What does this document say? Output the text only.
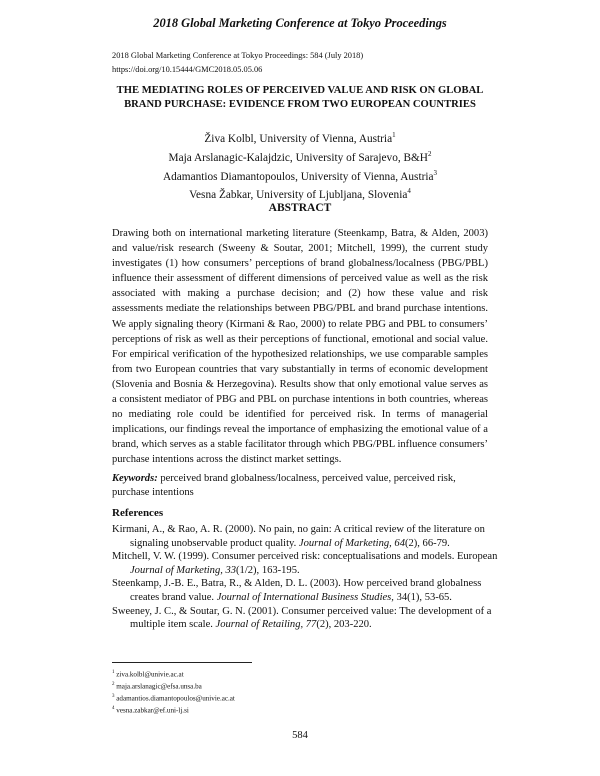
2018 Global Marketing Conference at Tokyo Proceedings
2018 Global Marketing Conference at Tokyo Proceedings: 584 (July 2018)
https://doi.org/10.15444/GMC2018.05.05.06
THE MEDIATING ROLES OF PERCEIVED VALUE AND RISK ON GLOBAL
BRAND PURCHASE: EVIDENCE FROM TWO EUROPEAN COUNTRIES
Živa Kolbl, University of Vienna, Austria$^1$
Maja Arslanagic-Kalajdzic, University of Sarajevo, $B\&H^2$
Adamantios Diamantopoulos, University of Vienna, Austria$^3$
Vesna Žabkar, University of Ljubljana, Slovenia$^4$
ABSTRACT

Drawing both on international marketing literature (Steenkamp, Batra, & Alden, 2003) and value/risk research (Sweeny & Soutar, 2001; Mitchell, 1999), the current study investigates (1) how consumers’ perceptions of brand globalness/localness (PBG/PBL) influence their assessment of different dimensions of perceived value as well as the risk associated with making a purchase decision; and (2) how these value and risk assessments mediate the relationships between PBG/PBL and brand purchase intentions. We apply signaling theory (Kirmani & Rao, 2000) to relate PBG and PBL to consumers’ perceptions of risk as well as their perceptions of functional, emotional and social value. For empirical verification of the hypothesized relationships, we use comparable samples from two European countries that vary substantially in terms of economic development (Slovenia and Bosnia & Herzegovina). Results show that only emotional value serves as a consistent mediator of PBG and PBL on purchase intentions in both countries, whereas no mediating role could be identified for perceived risk. In terms of managerial implications, our findings reveal the importance of emphasizing the emotional value of a brand, which serves as a stable facilitator through which PBG/PBL influence consumers’ purchase intentions across the distinct market settings.

Keywords: perceived brand globalness/localness, perceived value, perceived risk, purchase intentions

References
Kirmani, A., & Rao, A. R. (2000). No pain, no gain: A critical review of the literature on signaling unobservable product quality. Journal of Marketing, 64(2), 66-79.
Mitchell, V. W. (1999). Consumer perceived risk: conceptualisations and models. European Journal of Marketing, 33(1/2), 163-195.
Steenkamp, J.-B. E., Batra, R., & Alden, D. L. (2003). How perceived brand globalness creates brand value. Journal of International Business Studies, 34(1), 53-65.
Sweeney, J. C., & Soutar, G. N. (2001). Consumer perceived value: The development of a multiple item scale. Journal of Retailing, 77(2), 203-220.
$^1$ ziva.kolbl@univie.ac.at
$^2$ maja.arslanagic@efsa.unsa.ba
$^3$ adamantios.diamantopoulos@univie.ac.at
$^4$ vesna.zabkar@ef.uni-lj.si
584
